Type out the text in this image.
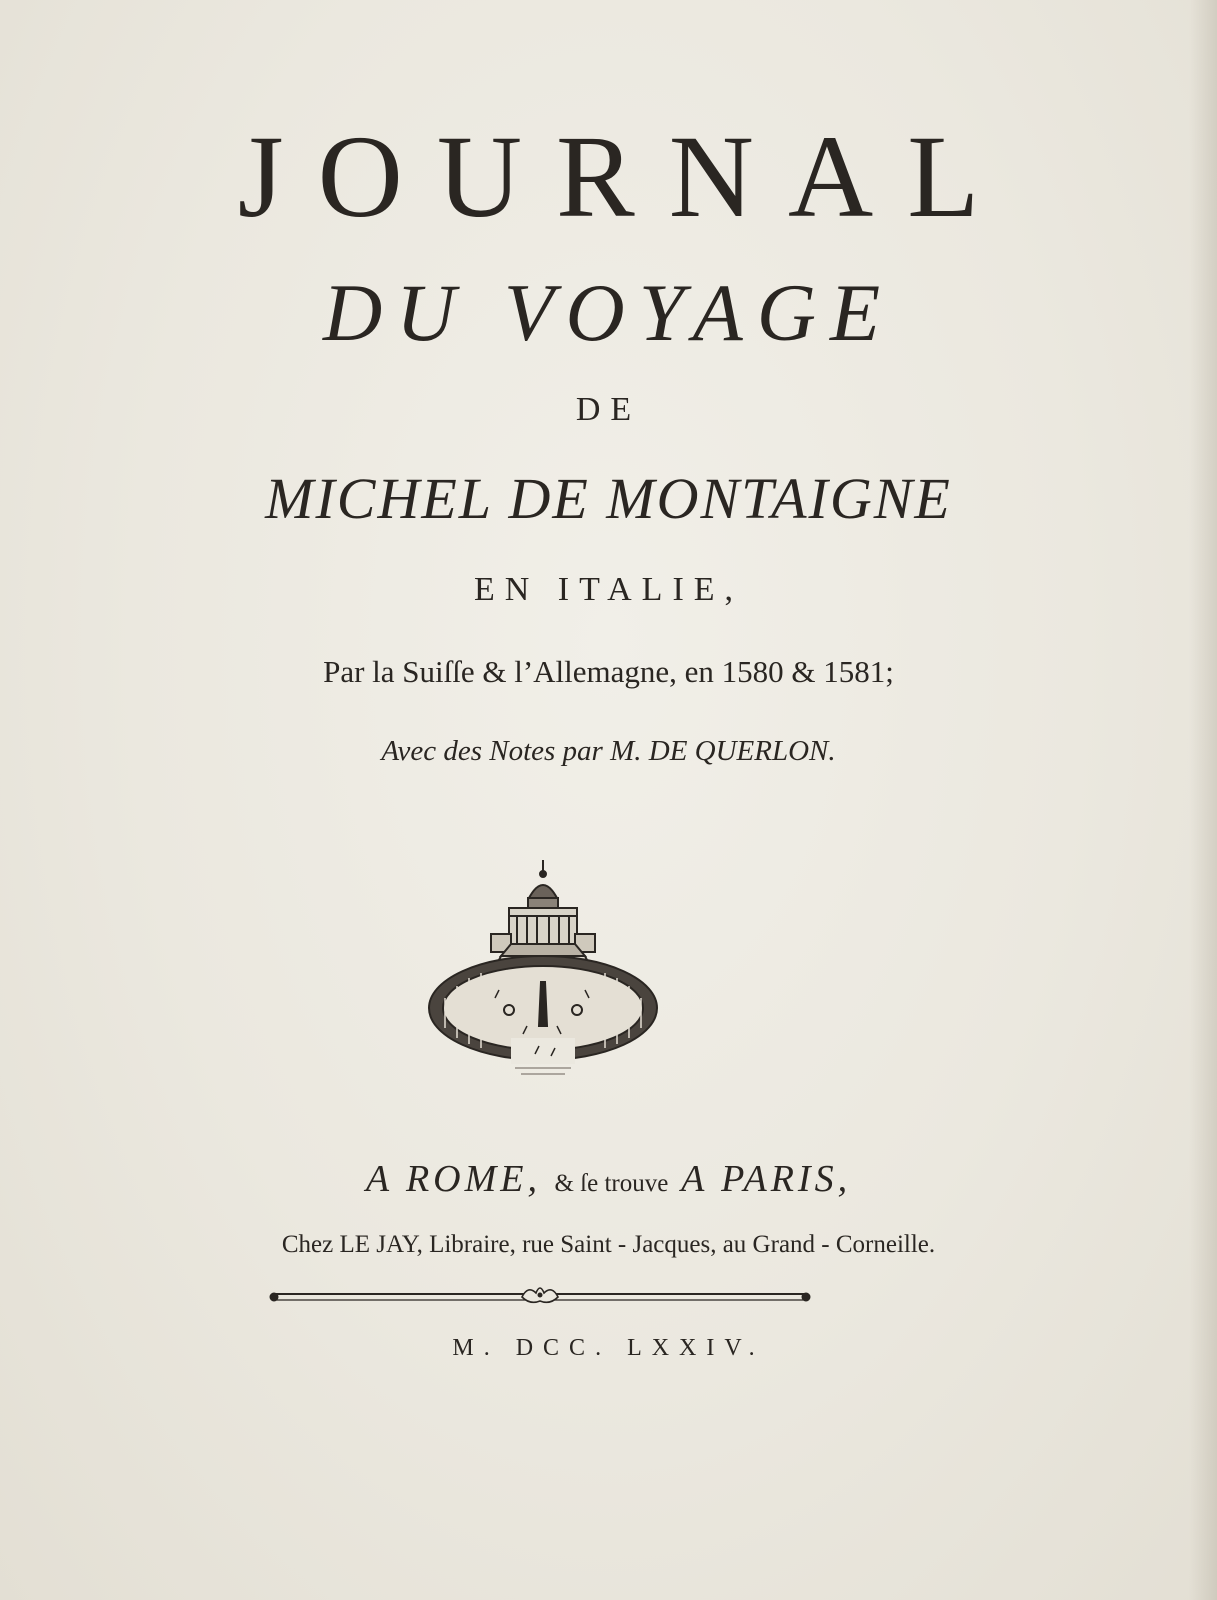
JOURNAL
DU VOYAGE
DE
MICHEL DE MONTAIGNE
EN ITALIE,
Par la Suiſſe & l’Allemagne, en 1580 & 1581;
Avec des Notes par M. DE QUERLON.
A ROME, & ſe trouve A PARIS,
Chez LE JAY, Libraire, rue Saint - Jacques, au Grand - Corneille.
M. DCC. LXXIV.
